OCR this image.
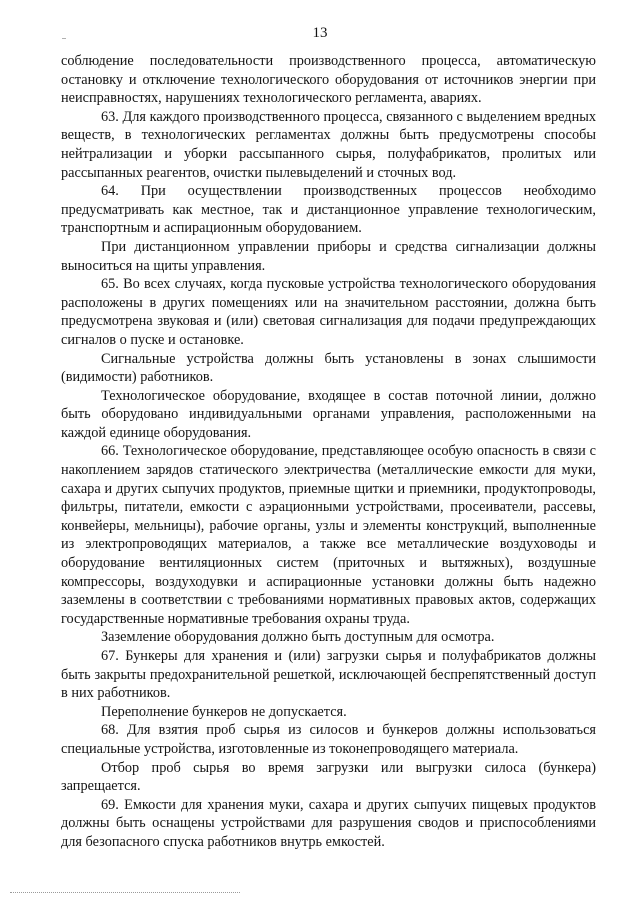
13

соблюдение последовательности производственного процесса, автоматическую остановку и отключение технологического оборудования от источников энергии при неисправностях, нарушениях технологического регламента, авариях.

63. Для каждого производственного процесса, связанного с выделением вредных веществ, в технологических регламентах должны быть предусмотрены способы нейтрализации и уборки рассыпанного сырья, полуфабрикатов, пролитых или рассыпанных реагентов, очистки пылевыделений и сточных вод.

64. При осуществлении производственных процессов необходимо предусматривать как местное, так и дистанционное управление технологическим, транспортным и аспирационным оборудованием.

При дистанционном управлении приборы и средства сигнализации должны выноситься на щиты управления.

65. Во всех случаях, когда пусковые устройства технологического оборудования расположены в других помещениях или на значительном расстоянии, должна быть предусмотрена звуковая и (или) световая сигнализация для подачи предупреждающих сигналов о пуске и остановке.

Сигнальные устройства должны быть установлены в зонах слышимости (видимости) работников.

Технологическое оборудование, входящее в состав поточной линии, должно быть оборудовано индивидуальными органами управления, расположенными на каждой единице оборудования.

66. Технологическое оборудование, представляющее особую опасность в связи с накоплением зарядов статического электричества (металлические емкости для муки, сахара и других сыпучих продуктов, приемные щитки и приемники, продуктопроводы, фильтры, питатели, емкости с аэрационными устройствами, просеиватели, рассевы, конвейеры, мельницы), рабочие органы, узлы и элементы конструкций, выполненные из электропроводящих материалов, а также все металлические воздуховоды и оборудование вентиляционных систем (приточных и вытяжных), воздушные компрессоры, воздуходувки и аспирационные установки должны быть надежно заземлены в соответствии с требованиями нормативных правовых актов, содержащих государственные нормативные требования охраны труда.

Заземление оборудования должно быть доступным для осмотра.

67. Бункеры для хранения и (или) загрузки сырья и полуфабрикатов должны быть закрыты предохранительной решеткой, исключающей беспрепятственный доступ в них работников.

Переполнение бункеров не допускается.

68. Для взятия проб сырья из силосов и бункеров должны использоваться специальные устройства, изготовленные из токонепроводящего материала.

Отбор проб сырья во время загрузки или выгрузки силоса (бункера) запрещается.

69. Емкости для хранения муки, сахара и других сыпучих пищевых продуктов должны быть оснащены устройствами для разрушения сводов и приспособлениями для безопасного спуска работников внутрь емкостей.
